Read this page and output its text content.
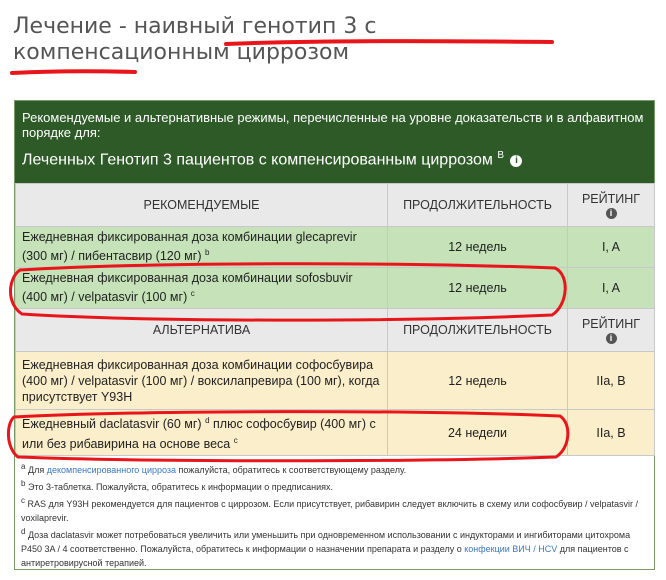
Лечение - наивный генотип 3 с компенсационным циррозом
Рекомендуемые и альтернативные режимы, перечисленные на уровне доказательств и в алфавитном порядке для:
Леченных Генотип 3 пациентов с компенсированным циррозом $^B$ i
РЕКОМЕНДУЕМЫЕ	ПРОДОЛЖИТЕЛЬНОСТЬ	РЕЙТИНГ
i

Ежедневная фиксированная доза комбинации glecaprevir (300 мг) / пибентасвир (120 мг) $^b$	12 недель	I, A
Ежедневная фиксированная доза комбинации sofosbuvir (400 мг) / velpatasvir (100 мг) $^c$	12 недель	I, A
АЛЬТЕРНАТИВА	ПРОДОЛЖИТЕЛЬНОСТЬ	РЕЙТИНГ
i

Ежедневная фиксированная доза комбинации софосбувира (400 мг) / velpatasvir (100 мг) / воксилапревира (100 мг), когда присутствует Y93H	12 недель	IIa, B
Ежедневный daclatasvir (60 мг) $^d$ плюс софосбувир (400 мг) с или без рибавирина на основе веса $^c$	24 недели	IIa, B

$^a$ Для декомпенсированного цирроза пожалуйста, обратитесь к соответствующему разделу.

$^b$ Это 3-таблетка. Пожалуйста, обратитесь к информации о предписаниях.

$^c$ RAS для Y93H рекомендуется для пациентов с циррозом. Если присутствует, рибавирин следует включить в схему или софосбувир / velpatasvir / voxilaprevir.

$^d$ Доза daclatasvir может потребоваться увеличить или уменьшить при одновременном использовании с индукторами и ингибиторами цитохрома P450 3A / 4 соответственно. Пожалуйста, обратитесь к информации о назначении препарата и разделу о конфекции ВИЧ / HCV для пациентов с антиретровирусной терапией.
